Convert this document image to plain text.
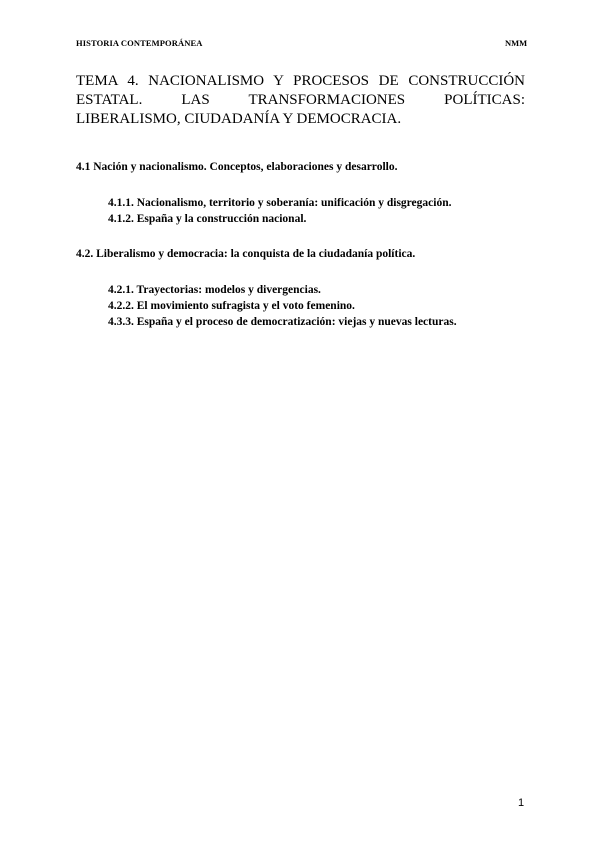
HISTORIA CONTEMPORÁNEA	NMM
TEMA 4. NACIONALISMO Y PROCESOS DE CONSTRUCCIÓN ESTATAL. LAS TRANSFORMACIONES POLÍTICAS: LIBERALISMO, CIUDADANÍA Y DEMOCRACIA.

4.1 Nación y nacionalismo. Conceptos, elaboraciones y desarrollo.

4.1.1. Nacionalismo, territorio y soberanía: unificación y disgregación.
4.1.2. España y la construcción nacional.

4.2. Liberalismo y democracia: la conquista de la ciudadanía política.

4.2.1. Trayectorias: modelos y divergencias.
4.2.2. El movimiento sufragista y el voto femenino.
4.3.3. España y el proceso de democratización: viejas y nuevas lecturas.
1
